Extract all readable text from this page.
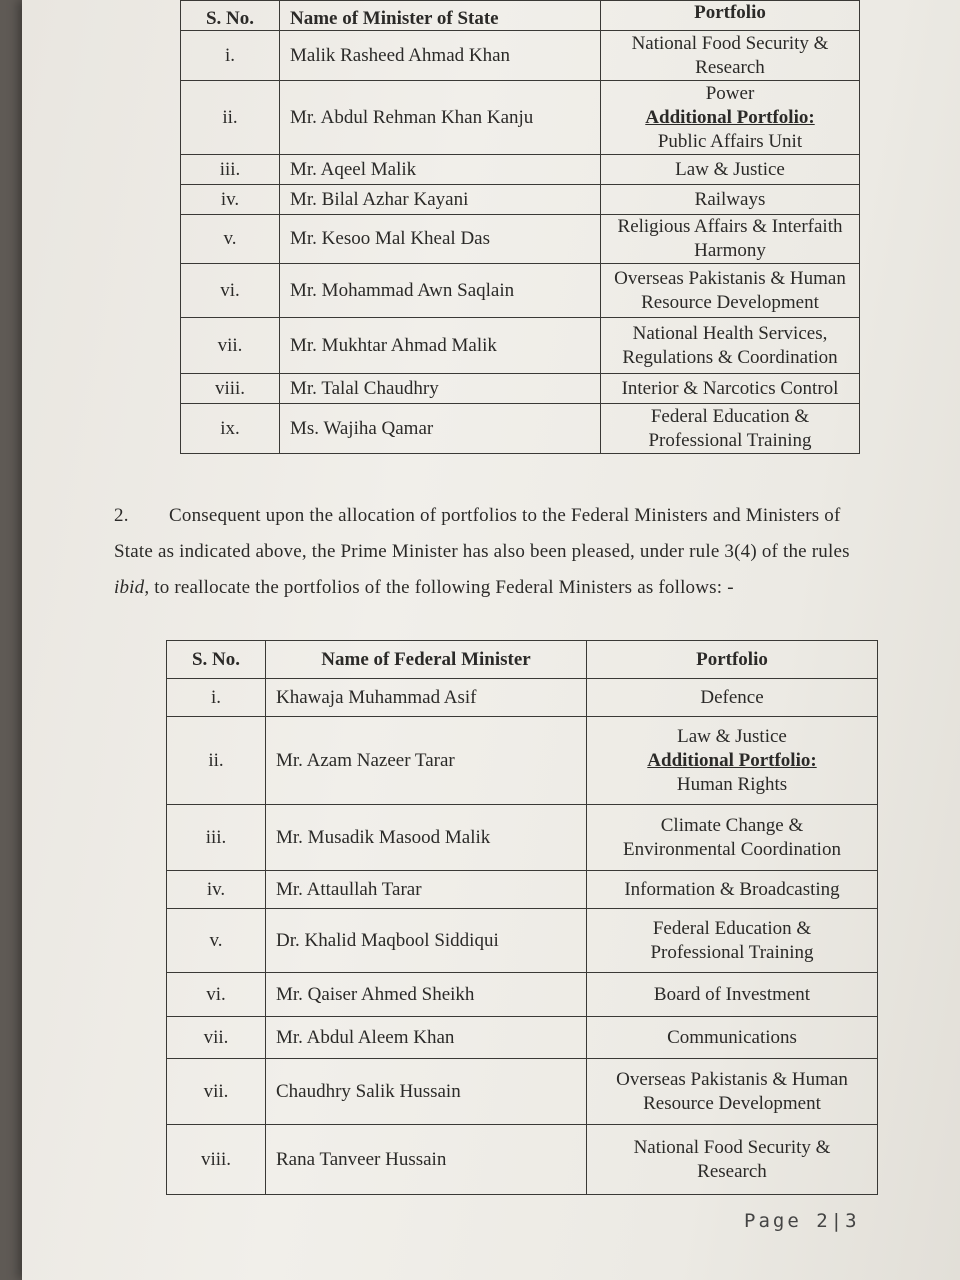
S. No.	Name of Minister of State	Portfolio
i.	Malik Rasheed Ahmad Khan	National Food Security &
Research

ii.	Mr. Abdul Rehman Khan Kanju	Power
Additional Portfolio:
Public Affairs Unit

iii.	Mr. Aqeel Malik	Law & Justice

iv.	Mr. Bilal Azhar Kayani	Railways

v.	Mr. Kesoo Mal Kheal Das	Religious Affairs & Interfaith
Harmony

vi.	Mr. Mohammad Awn Saqlain	Overseas Pakistanis & Human
Resource Development

vii.	Mr. Mukhtar Ahmad Malik	National Health Services,
Regulations & Coordination

viii.	Mr. Talal Chaudhry	Interior & Narcotics Control

ix.	Ms. Wajiha Qamar	Federal Education &
Professional Training
2. Consequent upon the allocation of portfolios to the Federal Ministers and Ministers of State as indicated above, the Prime Minister has also been pleased, under rule 3(4) of the rules ibid, to reallocate the portfolios of the following Federal Ministers as follows: -
S. No.	Name of Federal Minister	Portfolio
i.	Khawaja Muhammad Asif	Defence

ii.	Mr. Azam Nazeer Tarar	Law & Justice
Additional Portfolio:
Human Rights

iii.	Mr. Musadik Masood Malik	Climate Change &
Environmental Coordination

iv.	Mr. Attaullah Tarar	Information & Broadcasting

v.	Dr. Khalid Maqbool Siddiqui	Federal Education &
Professional Training

vi.	Mr. Qaiser Ahmed Sheikh	Board of Investment

vii.	Mr. Abdul Aleem Khan	Communications

vii.	Chaudhry Salik Hussain	Overseas Pakistanis & Human
Resource Development

viii.	Rana Tanveer Hussain	National Food Security &
Research
Page 2|3
